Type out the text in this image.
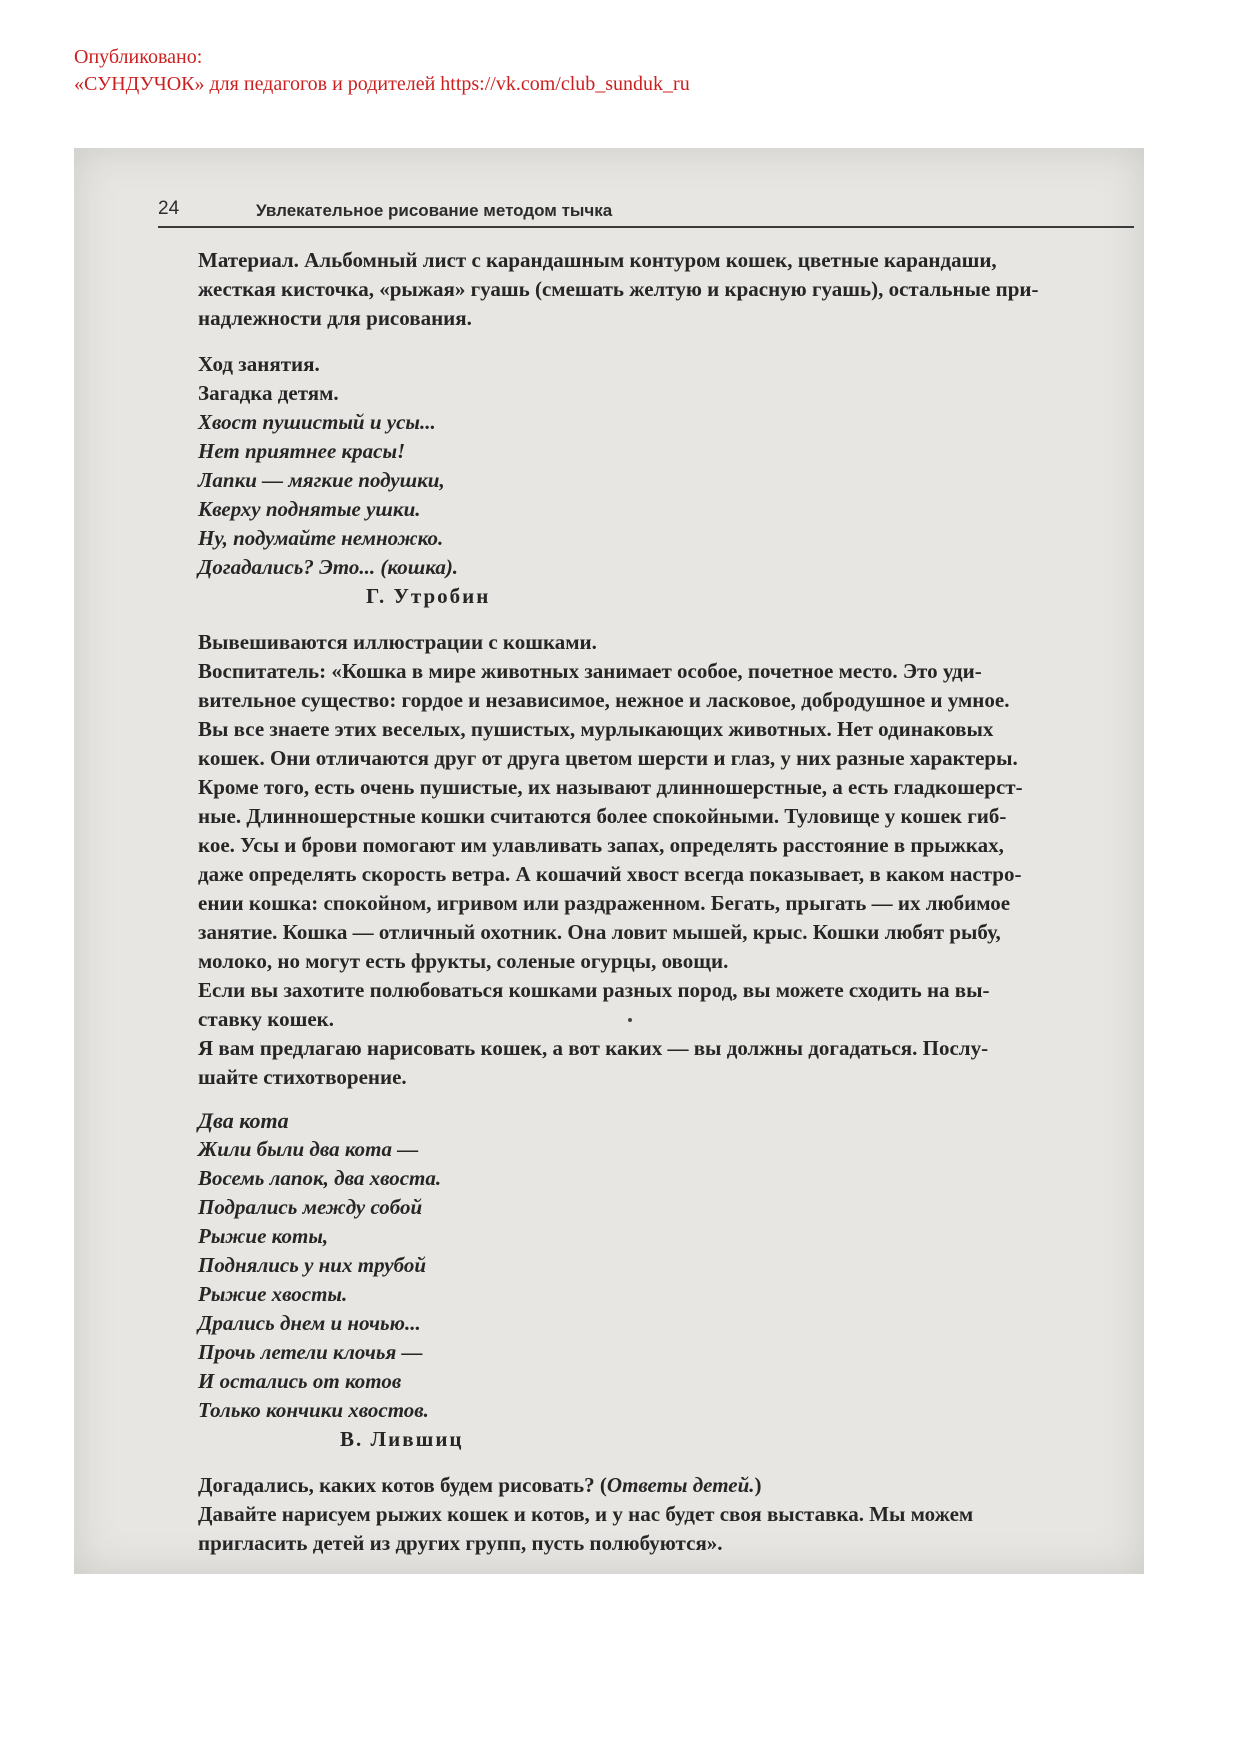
Опубликовано:
«СУНДУЧОК» для педагогов и родителей https://vk.com/club_sunduk_ru
24	Увлекательное рисование методом тычка

Материал. Альбомный лист с карандашным контуром кошек, цветные карандаши,
жесткая кисточка, «рыжая» гуашь (смешать желтую и красную гуашь), остальные при-
надлежности для рисования.

Ход занятия.
Загадка детям.
Хвост пушистый и усы...
Нет приятнее красы!
Лапки — мягкие подушки,
Кверху поднятые ушки.
Ну, подумайте немножко.
Догадались? Это... (кошка).
Г. Утробин
Вывешиваются иллюстрации с кошками.

Воспитатель: «Кошка в мире животных занимает особое, почетное место. Это уди-
вительное существо: гордое и независимое, нежное и ласковое, добродушное и умное.
Вы все знаете этих веселых, пушистых, мурлыкающих животных. Нет одинаковых
кошек. Они отличаются друг от друга цветом шерсти и глаз, у них разные характеры.
Кроме того, есть очень пушистые, их называют длинношерстные, а есть гладкошерст-
ные. Длинношерстные кошки считаются более спокойными. Туловище у кошек гиб-
кое. Усы и брови помогают им улавливать запах, определять расстояние в прыжках,
даже определять скорость ветра. А кошачий хвост всегда показывает, в каком настро-
ении кошка: спокойном, игривом или раздраженном. Бегать, прыгать — их любимое
занятие. Кошка — отличный охотник. Она ловит мышей, крыс. Кошки любят рыбу,
молоко, но могут есть фрукты, соленые огурцы, овощи.

Если вы захотите полюбоваться кошками разных пород, вы можете сходить на вы-
ставку кошек.

Я вам предлагаю нарисовать кошек, а вот каких — вы должны догадаться. Послу-
шайте стихотворение.

Два кота
Жили были два кота —
Восемь лапок, два хвоста.
Подрались между собой
Рыжие коты,
Поднялись у них трубой
Рыжие хвосты.
Дрались днем и ночью...
Прочь летели клочья —
И остались от котов
Только кончики хвостов.
В. Лившиц
Догадались, каких котов будем рисовать? (Ответы детей.)

Давайте нарисуем рыжих кошек и котов, и у нас будет своя выставка. Мы можем
пригласить детей из других групп, пусть полюбуются».
